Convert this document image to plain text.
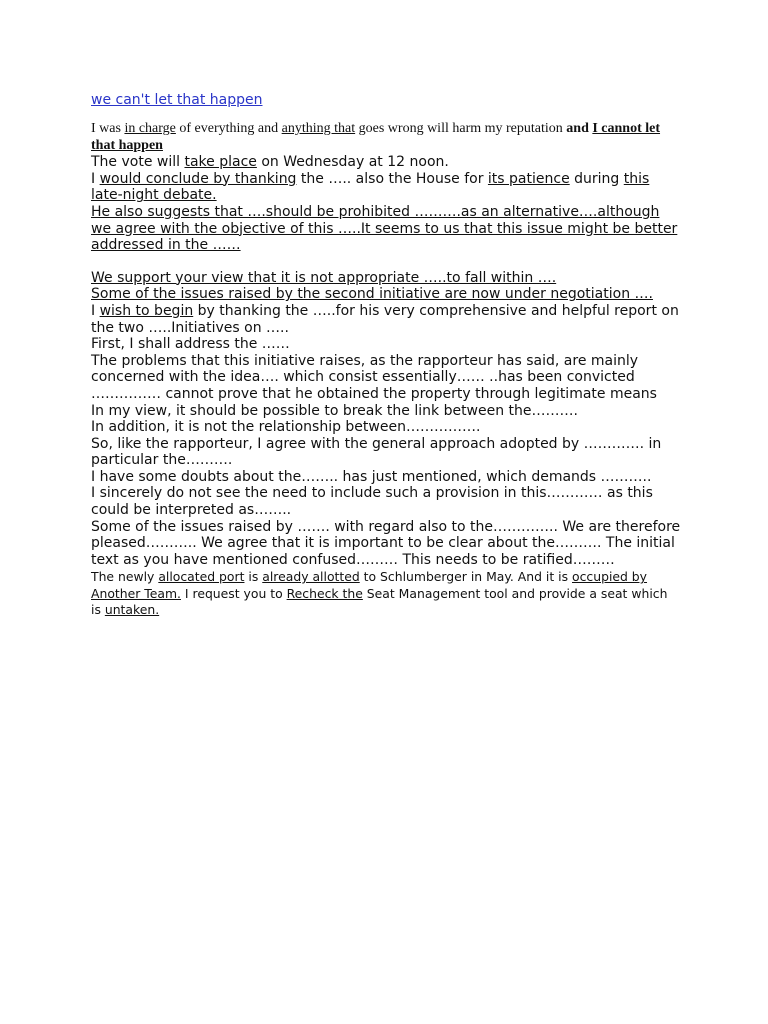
we can't let that happen

I was in charge of everything and anything that goes wrong will harm my reputation and I cannot let that happen

The vote will take place on Wednesday at 12 noon.

I would conclude by thanking the ….. also the House for its patience during this late-night debate.

He also suggests that ….should be prohibited ……….as an alternative….although we agree with the objective of this …..It seems to us that this issue might be better addressed in the ……

We support your view that it is not appropriate …..to fall within ….

Some of the issues raised by the second initiative are now under negotiation ….

I wish to begin by thanking the …..for his very comprehensive and helpful report on the two …..Initiatives on …..

First, I shall address the ……

The problems that this initiative raises, as the rapporteur has said, are mainly concerned with the idea…. which consist essentially…… ..has been convicted …………… cannot prove that he obtained the property through legitimate means

In my view, it should be possible to break the link between the……….

In addition, it is not the relationship between…………….

So, like the rapporteur, I agree with the general approach adopted by …………. in particular the……….

I have some doubts about the…….. has just mentioned, which demands ………..

I sincerely do not see the need to include such a provision in this………… as this could be interpreted as……..

Some of the issues raised by ……. with regard also to the………….. We are therefore pleased……….. We agree that it is important to be clear about the………. The initial text as you have mentioned confused……… This needs to be ratified………

The newly allocated port is already allotted to Schlumberger in May. And it is occupied by Another Team. I request you to Recheck the Seat Management tool and provide a seat which is untaken.
